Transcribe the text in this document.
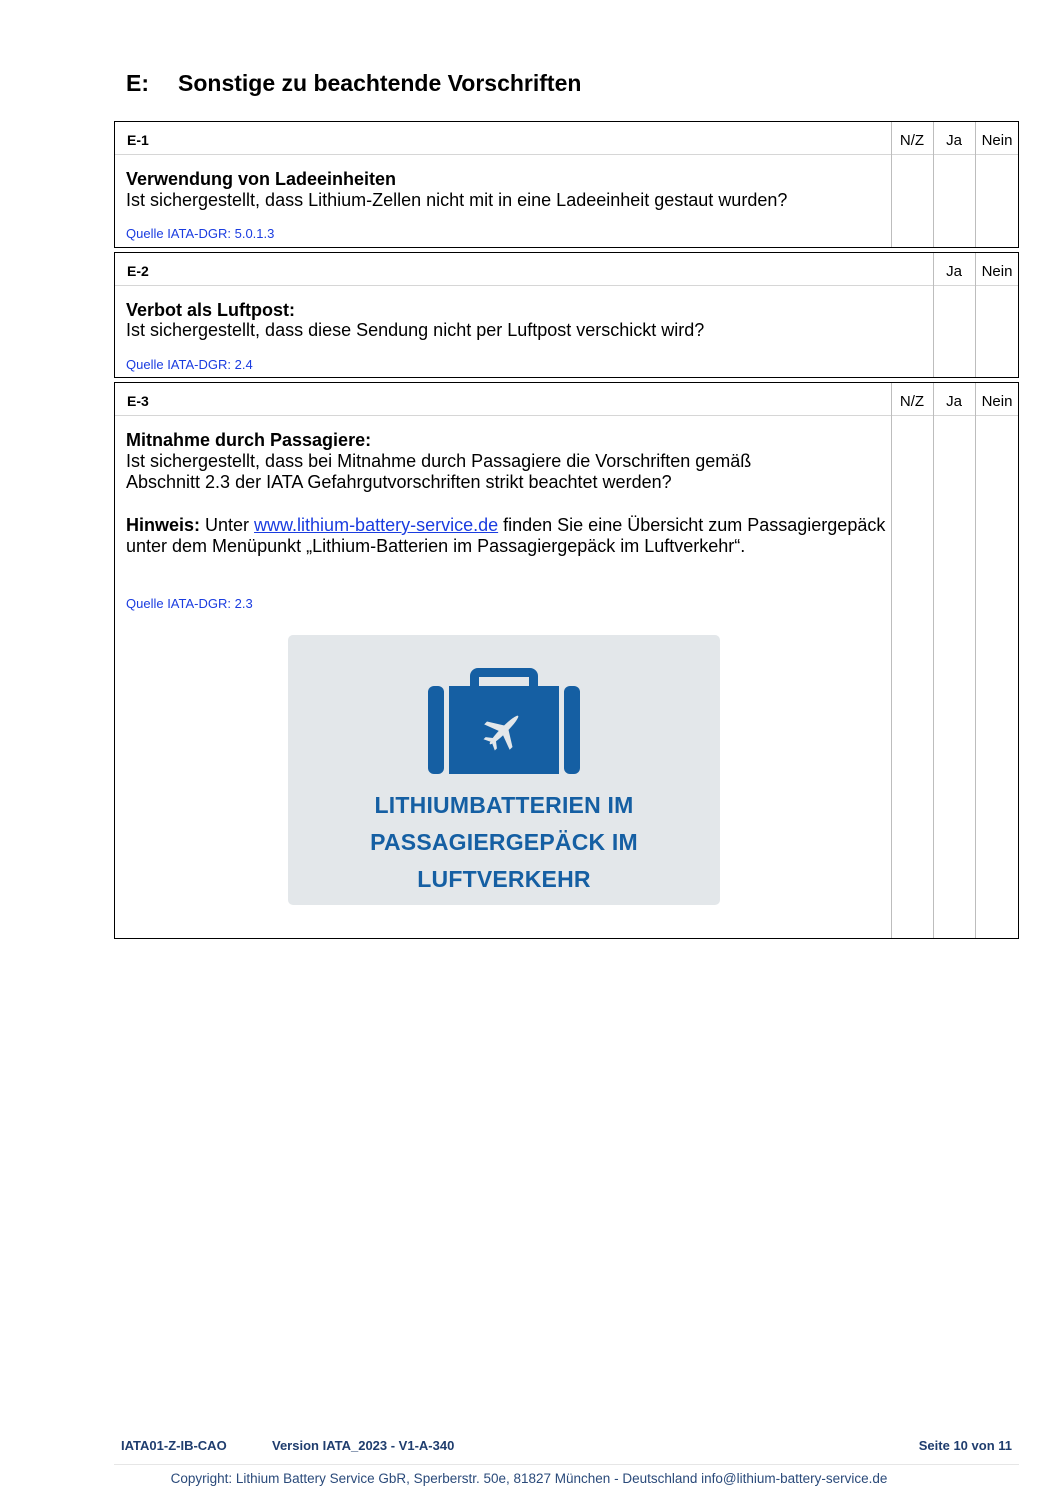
E: Sonstige zu beachtende Vorschriften
E-1	N/Z	Ja	Nein
Verwendung von Ladeeinheiten
Ist sichergestellt, dass Lithium-Zellen nicht mit in eine Ladeeinheit gestaut wurden?
Quelle IATA-DGR: 5.0.1.3
E-2	Ja	Nein
Verbot als Luftpost:
Ist sichergestellt, dass diese Sendung nicht per Luftpost verschickt wird?
Quelle IATA-DGR: 2.4
E-3	N/Z	Ja	Nein
Mitnahme durch Passagiere:
Ist sichergestellt, dass bei Mitnahme durch Passagiere die Vorschriften gemäß
Abschnitt 2.3 der IATA Gefahrgutvorschriften strikt beachtet werden?
Hinweis: Unter www.lithium-battery-service.de finden Sie eine Übersicht zum Passagiergepäck unter dem Menüpunkt „Lithium-Batterien im Passagiergepäck im Luftverkehr“.
Quelle IATA-DGR: 2.3
LITHIUMBATTERIEN IM
PASSAGIERGEPÄCK IM
LUFTVERKEHR
IATA01-Z-IB-CAO	Version IATA_2023 - V1-A-340	Seite 10 von 11
Copyright: Lithium Battery Service GbR, Sperberstr. 50e, 81827 München - Deutschland info@lithium-battery-service.de
